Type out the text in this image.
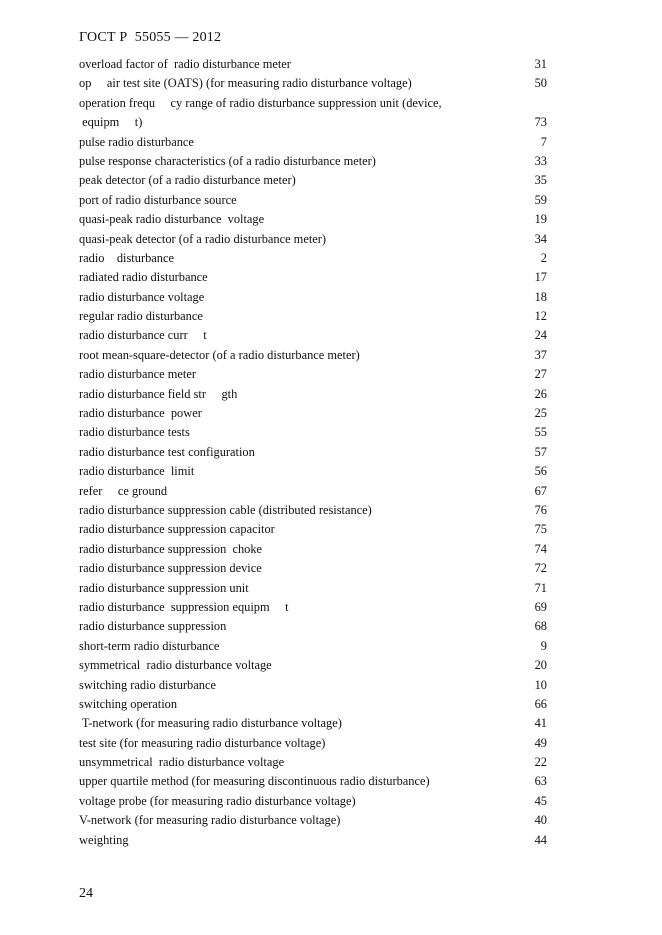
ГОСТ Р  55055 — 2012
overload factor of  radio disturbance meter	31
op     air test site (OATS) (for measuring radio disturbance voltage)	50
operation frequ     cy range of radio disturbance suppression unit (device,
equipm     t)	73
pulse radio disturbance	7
pulse response characteristics (of a radio disturbance meter)	33
peak detector (of a radio disturbance meter)	35
port of radio disturbance source	59
quasi-peak radio disturbance  voltage	19
quasi-peak detector (of a radio disturbance meter)	34
radio    disturbance	2
radiated radio disturbance	17
radio disturbance voltage	18
regular radio disturbance	12
radio disturbance curr     t	24
root mean-square-detector (of a radio disturbance meter)	37
radio disturbance meter	27
radio disturbance field str     gth	26
radio disturbance  power	25
radio disturbance tests	55
radio disturbance test configuration	57
radio disturbance  limit	56
refer     ce ground	67
radio disturbance suppression cable (distributed resistance)	76
radio disturbance suppression capacitor	75
radio disturbance suppression  choke	74
radio disturbance suppression device	72
radio disturbance suppression unit	71
radio disturbance  suppression equipm     t	69
radio disturbance suppression	68
short-term radio disturbance	9
symmetrical  radio disturbance voltage	20
switching radio disturbance	10
switching operation	66
T-network (for measuring radio disturbance voltage)	41
test site (for measuring radio disturbance voltage)	49
unsymmetrical  radio disturbance voltage	22
upper quartile method (for measuring discontinuous radio disturbance)	63
voltage probe (for measuring radio disturbance voltage)	45
V-network (for measuring radio disturbance voltage)	40
weighting	44
24
